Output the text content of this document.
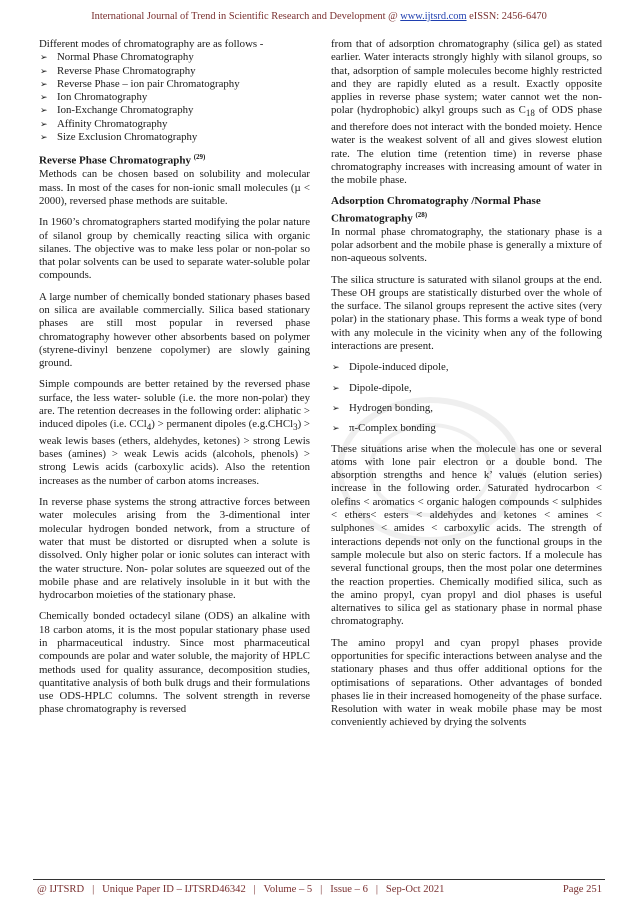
International Journal of Trend in Scientific Research and Development @ www.ijtsrd.com eISSN: 2456-6470

Different modes of chromatography are as follows -

➢ Normal Phase Chromatography
➢ Reverse Phase Chromatography
➢ Reverse Phase – ion pair Chromatography
➢ Ion Chromatography
➢ Ion-Exchange Chromatography
➢ Affinity Chromatography
➢ Size Exclusion Chromatography
Reverse Phase Chromatography $^{(29)}$

Methods can be chosen based on solubility and molecular mass. In most of the cases for non-ionic small molecules (µ < 2000), reversed phase methods are suitable.

In 1960’s chromatographers started modifying the polar nature of silanol group by chemically reacting silica with organic silanes. The objective was to make less polar or non-polar so that polar solvents can be used to separate water-soluble polar compounds.

A large number of chemically bonded stationary phases based on silica are available commercially. Silica based stationary phases are still most popular in reversed phase chromatography however other absorbents based on polymer (styrene-divinyl benzene copolymer) are slowly gaining ground.

Simple compounds are better retained by the reversed phase surface, the less water- soluble (i.e. the more non-polar) they are. The retention decreases in the following order: aliphatic > induced dipoles (i.e. CCl$_4$) > permanent dipoles (e.g.CHCl$_3$) > weak lewis bases (ethers, aldehydes, ketones) > strong Lewis bases (amines) > weak Lewis acids (alcohols, phenols) > strong Lewis acids (carboxylic acids). Also the retention increases as the number of carbon atoms increases.

In reverse phase systems the strong attractive forces between water molecules arising from the 3-dimentional inter molecular hydrogen bonded network, from a structure of water that must be distorted or disrupted when a solute is dissolved. Only higher polar or ionic solutes can interact with the water structure. Non- polar solutes are squeezed out of the mobile phase and are relatively insoluble in it but with the hydrocarbon moieties of the stationary phase.

Chemically bonded octadecyl silane (ODS) an alkaline with 18 carbon atoms, it is the most popular stationary phase used in pharmaceutical industry. Since most pharmaceutical compounds are polar and water soluble, the majority of HPLC methods used for quality assurance, decomposition studies, quantitative analysis of both bulk drugs and their formulations use ODS-HPLC columns. The solvent strength in reverse phase chromatography is reversed

from that of adsorption chromatography (silica gel) as stated earlier. Water interacts strongly highly with silanol groups, so that, adsorption of sample molecules become highly restricted and they are rapidly eluted as a result. Exactly opposite applies in reverse phase system; water cannot wet the non-polar (hydrophobic) alkyl groups such as $C_{18}$ of ODS phase and therefore does not interact with the bonded moiety. Hence water is the weakest solvent of all and gives slowest elution rate. The elution time (retention time) in reverse phase chromatography increases with increasing amount of water in the mobile phase.

Adsorption Chromatography /Normal Phase Chromatography $^{(28)}$

In normal phase chromatography, the stationary phase is a polar adsorbent and the mobile phase is generally a mixture of non-aqueous solvents.

The silica structure is saturated with silanol groups at the end. These OH groups are statistically disturbed over the whole of the surface. The silanol groups represent the active sites (very polar) in the stationary phase. This forms a weak type of bond with any molecule in the vicinity when any of the following interactions are present.

➢ Dipole-induced dipole,
➢ Dipole-dipole,
➢ Hydrogen bonding,
➢ π-Complex bonding

These situations arise when the molecule has one or several atoms with lone pair electron or a double bond. The absorption strengths and hence k’ values (elution series) increase in the following order. Saturated hydrocarbon < olefins < aromatics < organic halogen compounds < sulphides < ethers< esters < aldehydes and ketones < amines < sulphones < amides < carboxylic acids. The strength of interactions depends not only on the functional groups in the sample molecule but also on steric factors. If a molecule has several functional groups, then the most polar one determines the reaction properties. Chemically modified silica, such as the amino propyl, cyan propyl and diol phases is useful alternatives to silica gel as stationary phase in normal phase chromatography.

The amino propyl and cyan propyl phases provide opportunities for specific interactions between analyse and the stationary phases and thus offer additional options for the optimisations of separations. Other advantages of bonded phases lie in their increased homogeneity of the phase surface. Resolution with water in weak mobile phase may be most conveniently achieved by drying the solvents

@ IJTSRD   |   Unique Paper ID – IJTSRD46342   |   Volume – 5   |   Issue – 6   |   Sep-Oct 2021	Page 251
